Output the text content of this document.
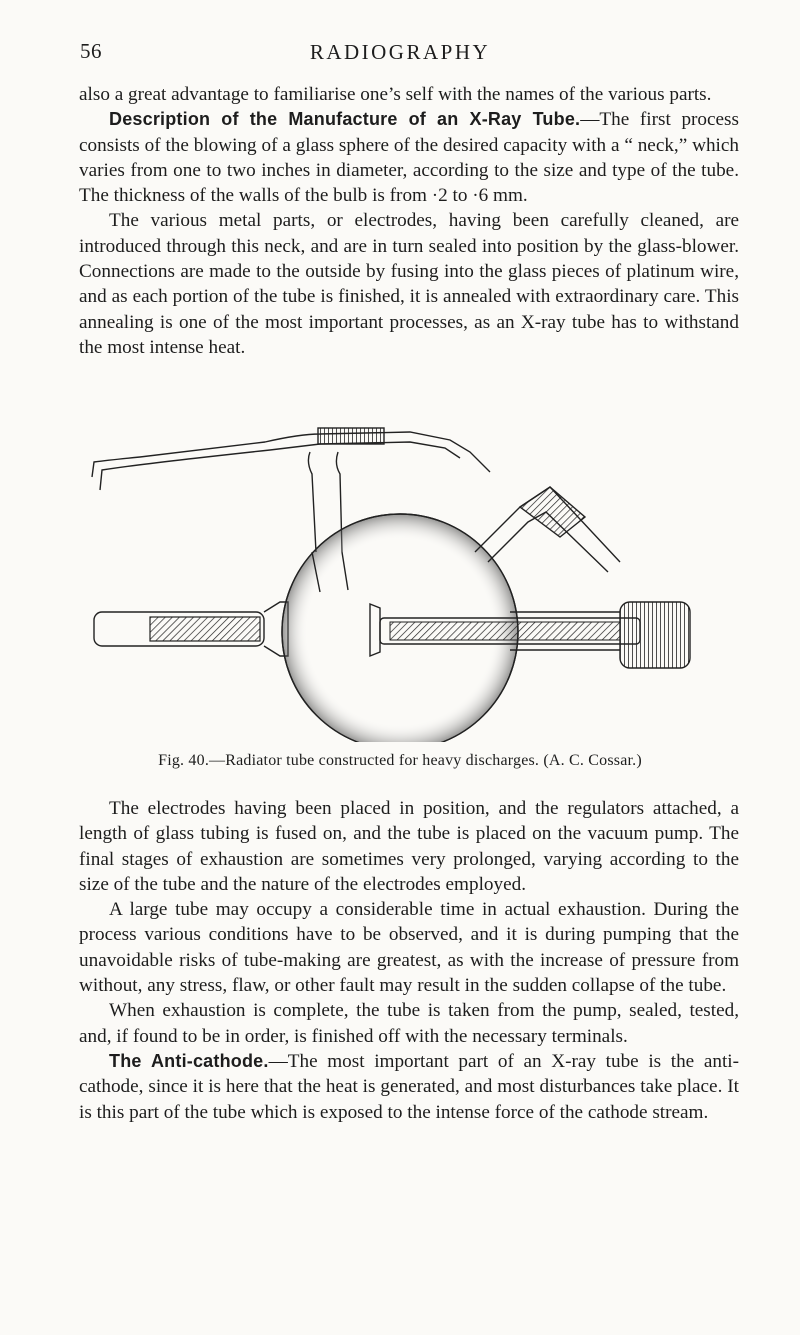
56	RADIOGRAPHY

also a great advantage to familiarise one’s self with the names of the various parts.

Description of the Manufacture of an X-Ray Tube.—The first process consists of the blowing of a glass sphere of the desired capacity with a “ neck,” which varies from one to two inches in diameter, according to the size and type of the tube. The thickness of the walls of the bulb is from ·2 to ·6 mm.

The various metal parts, or electrodes, having been carefully cleaned, are introduced through this neck, and are in turn sealed into position by the glass-blower. Connections are made to the outside by fusing into the glass pieces of platinum wire, and as each portion of the tube is finished, it is annealed with extraordinary care. This annealing is one of the most important processes, as an X-ray tube has to withstand the most intense heat.

Fig. 40.—Radiator tube constructed for heavy discharges. (A. C. Cossar.)

The electrodes having been placed in position, and the regulators attached, a length of glass tubing is fused on, and the tube is placed on the vacuum pump. The final stages of exhaustion are sometimes very prolonged, varying according to the size of the tube and the nature of the electrodes employed.

A large tube may occupy a considerable time in actual exhaustion. During the process various conditions have to be observed, and it is during pumping that the unavoidable risks of tube-making are greatest, as with the increase of pressure from without, any stress, flaw, or other fault may result in the sudden collapse of the tube.

When exhaustion is complete, the tube is taken from the pump, sealed, tested, and, if found to be in order, is finished off with the necessary terminals.

The Anti-cathode.—The most important part of an X-ray tube is the anti-cathode, since it is here that the heat is generated, and most disturbances take place. It is this part of the tube which is exposed to the intense force of the cathode stream.
